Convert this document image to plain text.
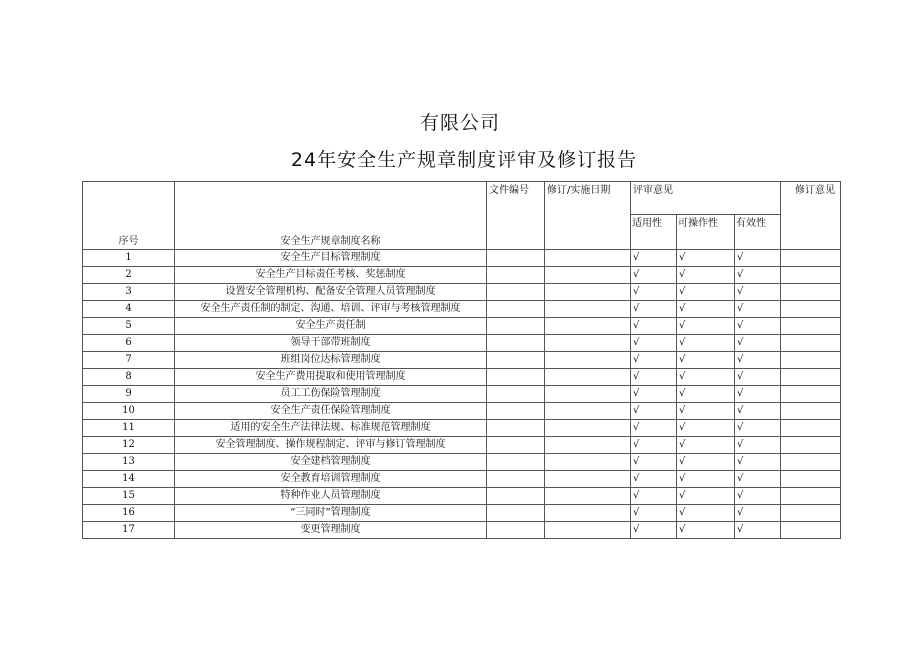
有限公司
24年安全生产规章制度评审及修订报告
序号	安全生产规章制度名称	文件编号	修订/实施日期	评审意见			修订意见
				适用性	可操作性	有效性	
1	安全生产目标管理制度			√	√	√	
2	安全生产目标责任考核、奖惩制度			√	√	√	
3	设置安全管理机构、配备安全管理人员管理制度			√	√	√	
4	安全生产责任制的制定、沟通、培训、评审与考核管理制度			√	√	√	
5	安全生产责任制			√	√	√	
6	领导干部带班制度			√	√	√	
7	班组岗位达标管理制度			√	√	√	
8	安全生产费用提取和使用管理制度			√	√	√	
9	员工工伤保险管理制度			√	√	√	
10	安全生产责任保险管理制度			√	√	√	
11	适用的安全生产法律法规、标准规范管理制度			√	√	√	
12	安全管理制度、操作规程制定、评审与修订管理制度			√	√	√	
13	安全建档管理制度			√	√	√	
14	安全教育培训管理制度			√	√	√	
15	特种作业人员管理制度			√	√	√	
16	“三同时”管理制度			√	√	√	
17	变更管理制度			√	√	√	
